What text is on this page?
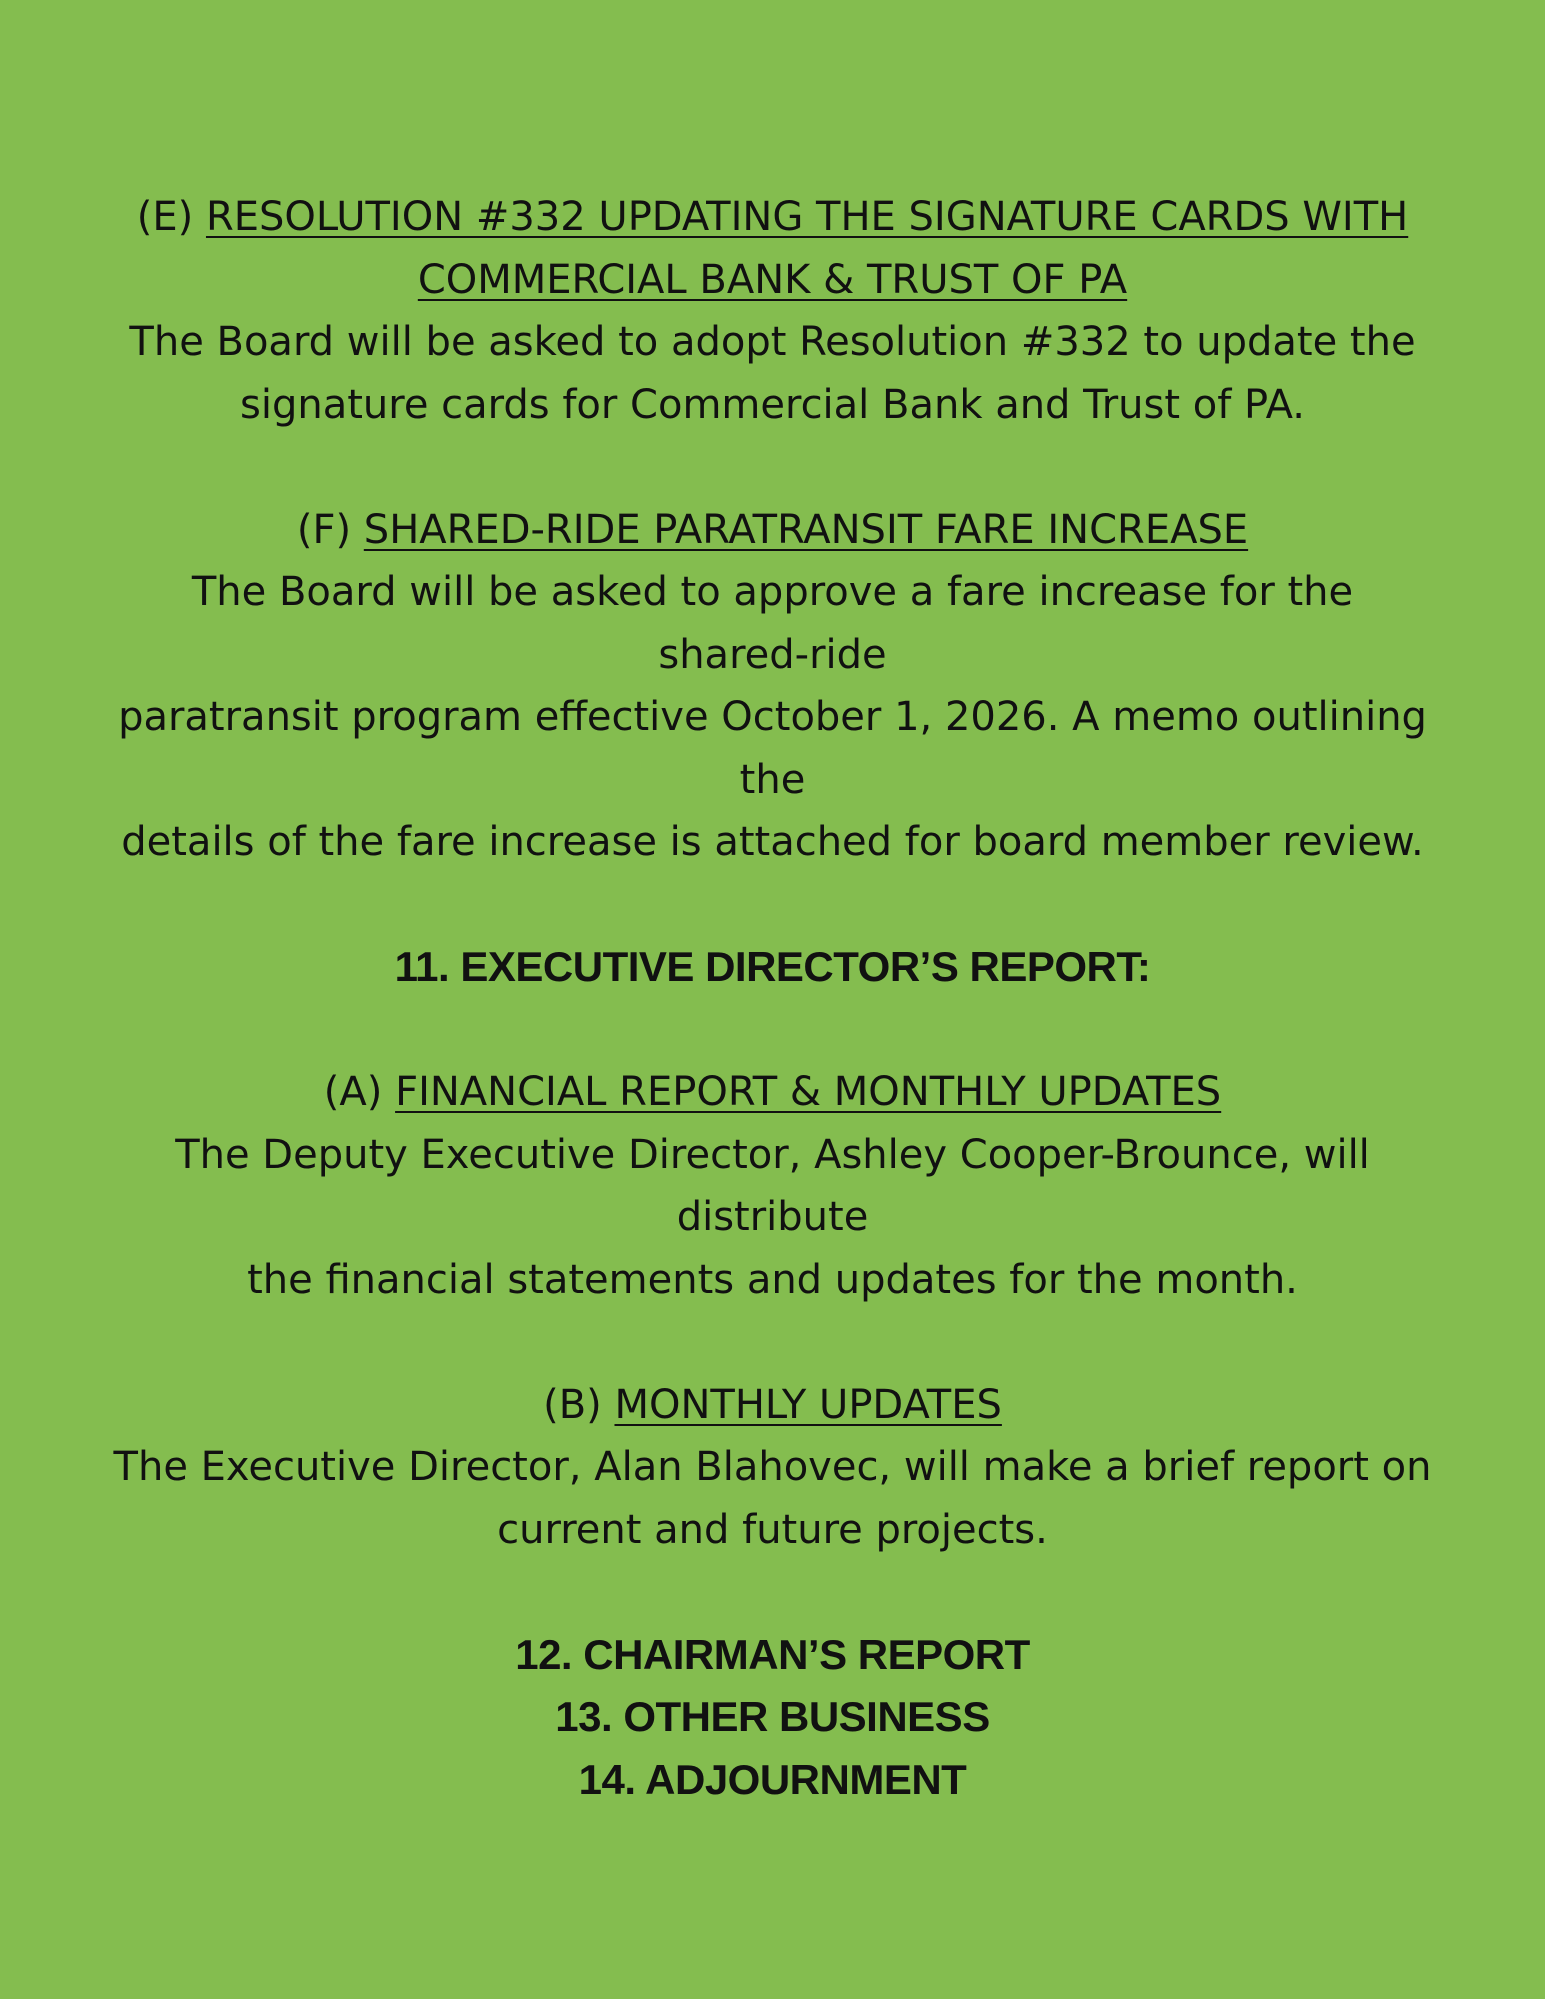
(E) RESOLUTION #332 UPDATING THE SIGNATURE CARDS WITH

COMMERCIAL BANK & TRUST OF PA

The Board will be asked to adopt Resolution #332 to update the

signature cards for Commercial Bank and Trust of PA.

(F) SHARED-RIDE PARATRANSIT FARE INCREASE

The Board will be asked to approve a fare increase for the

shared-ride

paratransit program effective October 1, 2026. A memo outlining

the

details of the fare increase is attached for board member review.

11. EXECUTIVE DIRECTOR’S REPORT:

(A) FINANCIAL REPORT & MONTHLY UPDATES

The Deputy Executive Director, Ashley Cooper-Brounce, will

distribute

the financial statements and updates for the month.

(B) MONTHLY UPDATES

The Executive Director, Alan Blahovec, will make a brief report on

current and future projects.

12. CHAIRMAN’S REPORT

13. OTHER BUSINESS

14. ADJOURNMENT
